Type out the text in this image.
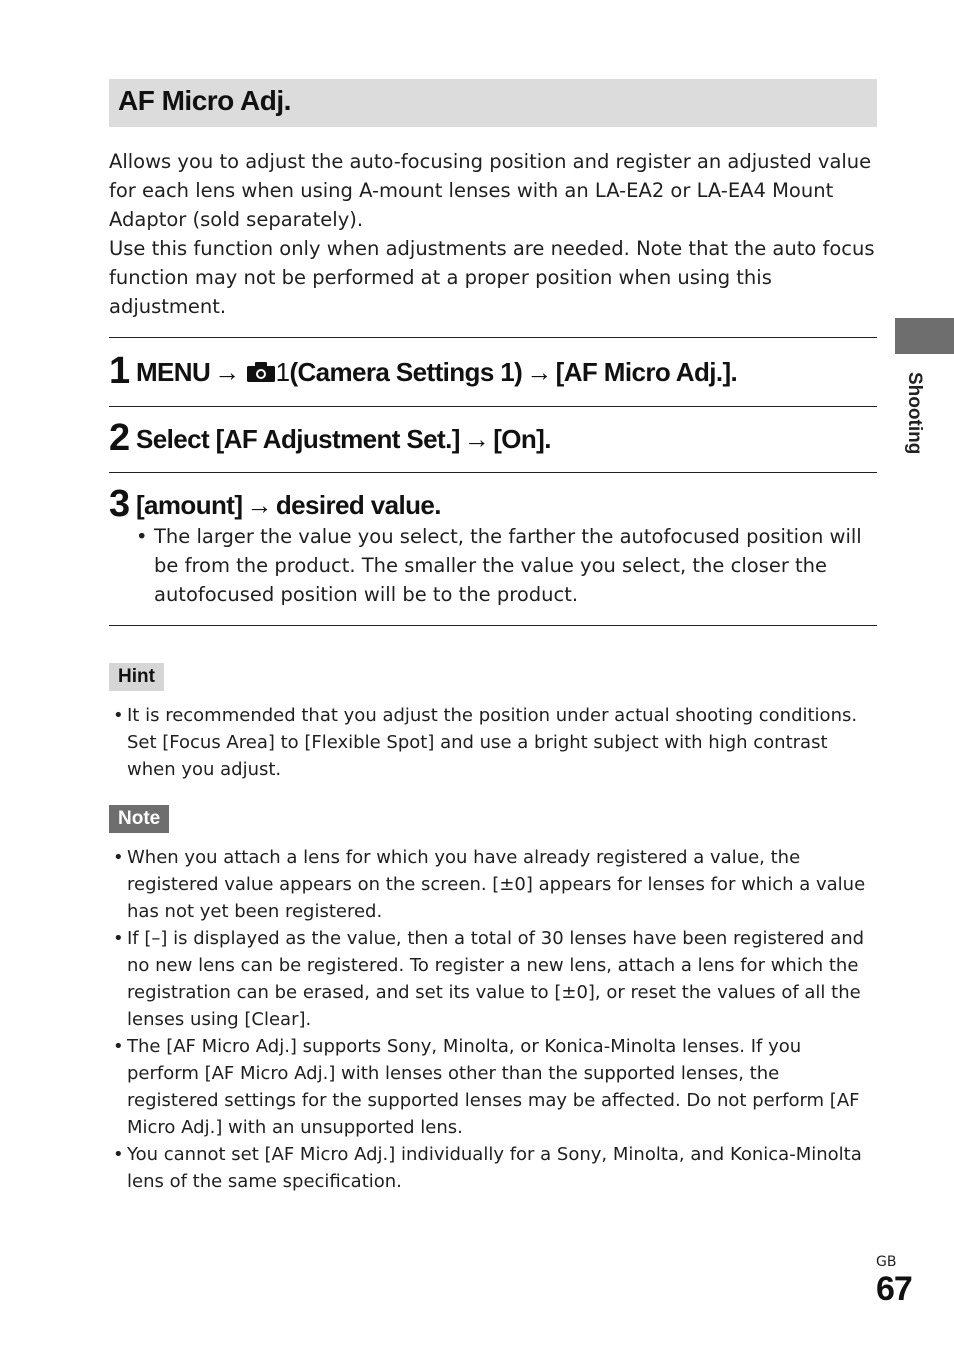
AF Micro Adj.

Allows you to adjust the auto-focusing position and register an adjusted value for each lens when using A-mount lenses with an LA-EA2 or LA-EA4 Mount Adaptor (sold separately).

Use this function only when adjustments are needed. Note that the auto focus function may not be performed at a proper position when using this adjustment.

1 MENU → 1(Camera Settings 1) → [AF Micro Adj.].
2 Select [AF Adjustment Set.] → [On].
3 [amount] → desired value.
• The larger the value you select, the farther the autofocused position will be from the product. The smaller the value you select, the closer the autofocused position will be to the product.
Hint
• It is recommended that you adjust the position under actual shooting conditions. Set [Focus Area] to [Flexible Spot] and use a bright subject with high contrast when you adjust.
Note
• When you attach a lens for which you have already registered a value, the registered value appears on the screen. [±0] appears for lenses for which a value has not yet been registered.
• If [–] is displayed as the value, then a total of 30 lenses have been registered and no new lens can be registered. To register a new lens, attach a lens for which the registration can be erased, and set its value to [±0], or reset the values of all the lenses using [Clear].
• The [AF Micro Adj.] supports Sony, Minolta, or Konica-Minolta lenses. If you perform [AF Micro Adj.] with lenses other than the supported lenses, the registered settings for the supported lenses may be affected. Do not perform [AF Micro Adj.] with an unsupported lens.
• You cannot set [AF Micro Adj.] individually for a Sony, Minolta, and Konica-Minolta lens of the same specification.
Shooting
GB
67
